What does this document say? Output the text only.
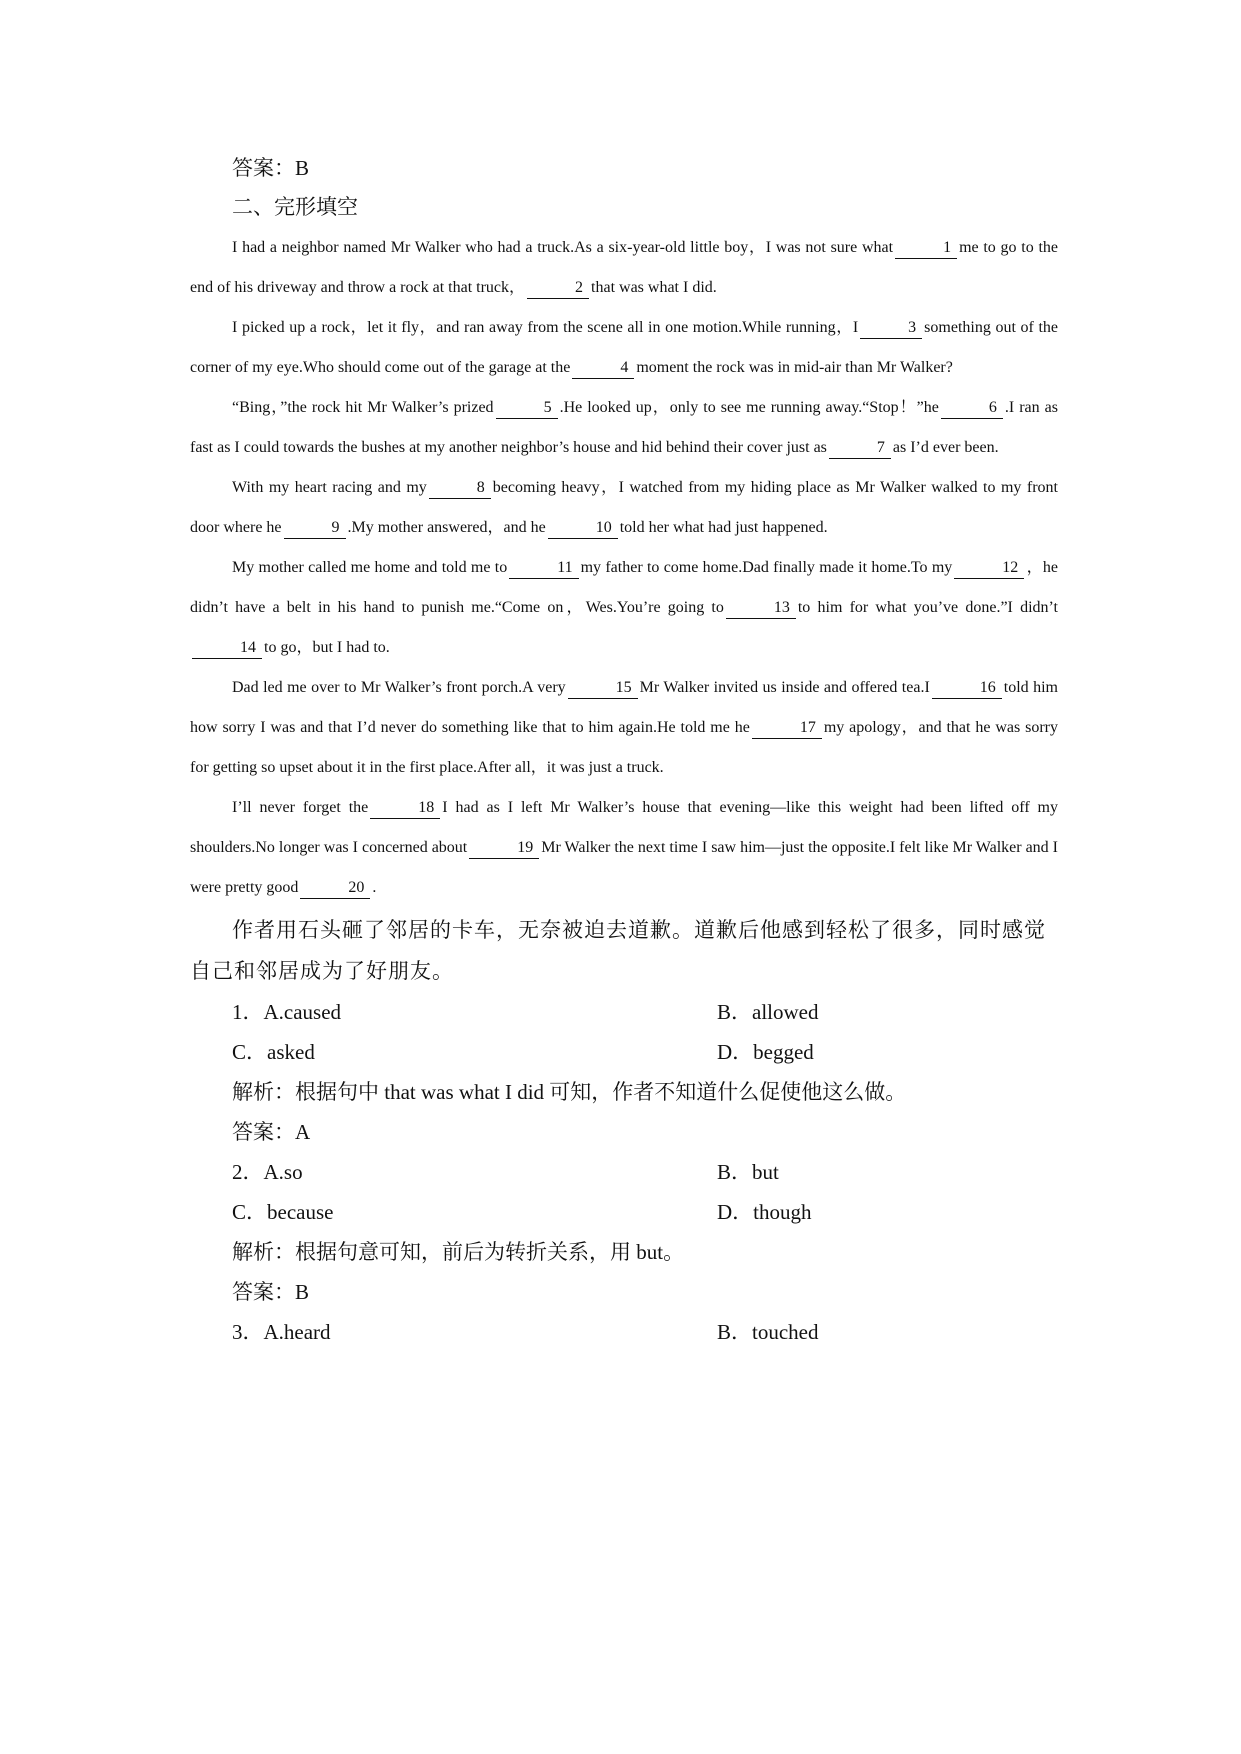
答案：B
二、完形填空

I had a neighbor named Mr Walker who had a truck.As a six-year-old little boy，I was not sure what	1 me to go to the end of his driveway and throw a rock at that truck，	2 that was what I did.

I picked up a rock，let it fly，and ran away from the scene all in one motion.While running，I	3 something out of the corner of my eye.Who should come out of the garage at the	4 moment the rock was in mid-air than Mr Walker?

“Bing，”the rock hit Mr Walker’s prized	5 .He looked up，only to see me running away.“Stop！”he	6 .I ran as fast as I could towards the bushes at my another neighbor’s house and hid behind their cover just as	7 as I’d ever been.

With my heart racing and my	8 becoming heavy，I watched from my hiding place as Mr Walker walked to my front door where he	9 .My mother answered，and he	10 told her what had just happened.

My mother called me home and told me to	11 my father to come home.Dad finally made it home.To my	12 ，he didn’t have a belt in his hand to punish me.“Come on，Wes.You’re going to	13 to him for what you’ve done.”I didn’t14 to go，but I had to.

Dad led me over to Mr Walker’s front porch.A very	15 Mr Walker invited us inside and offered tea.I	16 told him how sorry I was and that I’d never do something like that to him again.He told me he	17 my apology，and that he was sorry for getting so upset about it in the first place.After all，it was just a truck.

I’ll never forget the	18 I had as I left Mr Walker’s house that evening—like this weight had been lifted off my shoulders.No longer was I concerned about	19 Mr Walker the next time I saw him—just the opposite.I felt like Mr Walker and I were pretty good	20 .

作者用石头砸了邻居的卡车，无奈被迫去道歉。道歉后他感到轻松了很多，同时感觉自己和邻居成为了好朋友。

1．A.caused	B．allowed
C．asked	D．begged
解析：根据句中 that was what I did 可知，作者不知道什么促使他这么做。
答案：A
2．A.so	B．but
C．because	D．though
解析：根据句意可知，前后为转折关系，用 but。
答案：B
3．A.heard	B．touched
